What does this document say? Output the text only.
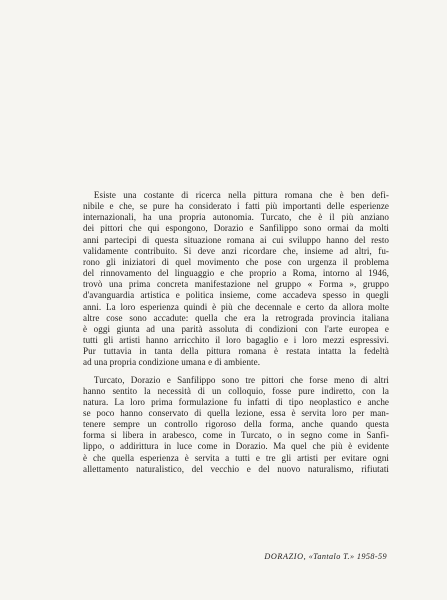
Esiste una costante di ricerca nella pittura romana che è ben defi-
nibile e che, se pure ha considerato i fatti più importanti delle esperienze
internazionali, ha una propria autonomia. Turcato, che è il più anziano
dei pittori che qui espongono, Dorazio e Sanfilippo sono ormai da molti
anni partecipi di questa situazione romana ai cui sviluppo hanno del resto
validamente contribuito. Si deve anzi ricordare che, insieme ad altri, fu-
rono gli iniziatori di quel movimento che pose con urgenza il problema
del rinnovamento del linguaggio e che proprio a Roma, intorno al 1946,
trovò una prima concreta manifestazione nel gruppo « Forma », gruppo
d'avanguardia artistica e politica insieme, come accadeva spesso in quegli
anni. La loro esperienza quindi è più che decennale e certo da allora molte
altre cose sono accadute: quella che era la retrograda provincia italiana
è oggi giunta ad una parità assoluta di condizioni con l'arte europea e
tutti gli artisti hanno arricchito il loro bagaglio e i loro mezzi espressivi.
Pur tuttavia in tanta della pittura romana è restata intatta la fedeltà
ad una propria condizione umana e di ambiente.

Turcato, Dorazio e Sanfilippo sono tre pittori che forse meno di altri
hanno sentito la necessità di un colloquio, fosse pure indiretto, con la
natura. La loro prima formulazione fu infatti di tipo neoplastico e anche
se poco hanno conservato di quella lezione, essa è servita loro per man-
tenere sempre un controllo rigoroso della forma, anche quando questa
forma si libera in arabesco, come in Turcato, o in segno come in Sanfi-
lippo, o addirittura in luce come in Dorazio. Ma quel che più è evidente
è che quella esperienza è servita a tutti e tre gli artisti per evitare ogni
allettamento naturalistico, del vecchio e del nuovo naturalismo, rifiutati

DORAZIO, «Tantalo T.» 1958-59
